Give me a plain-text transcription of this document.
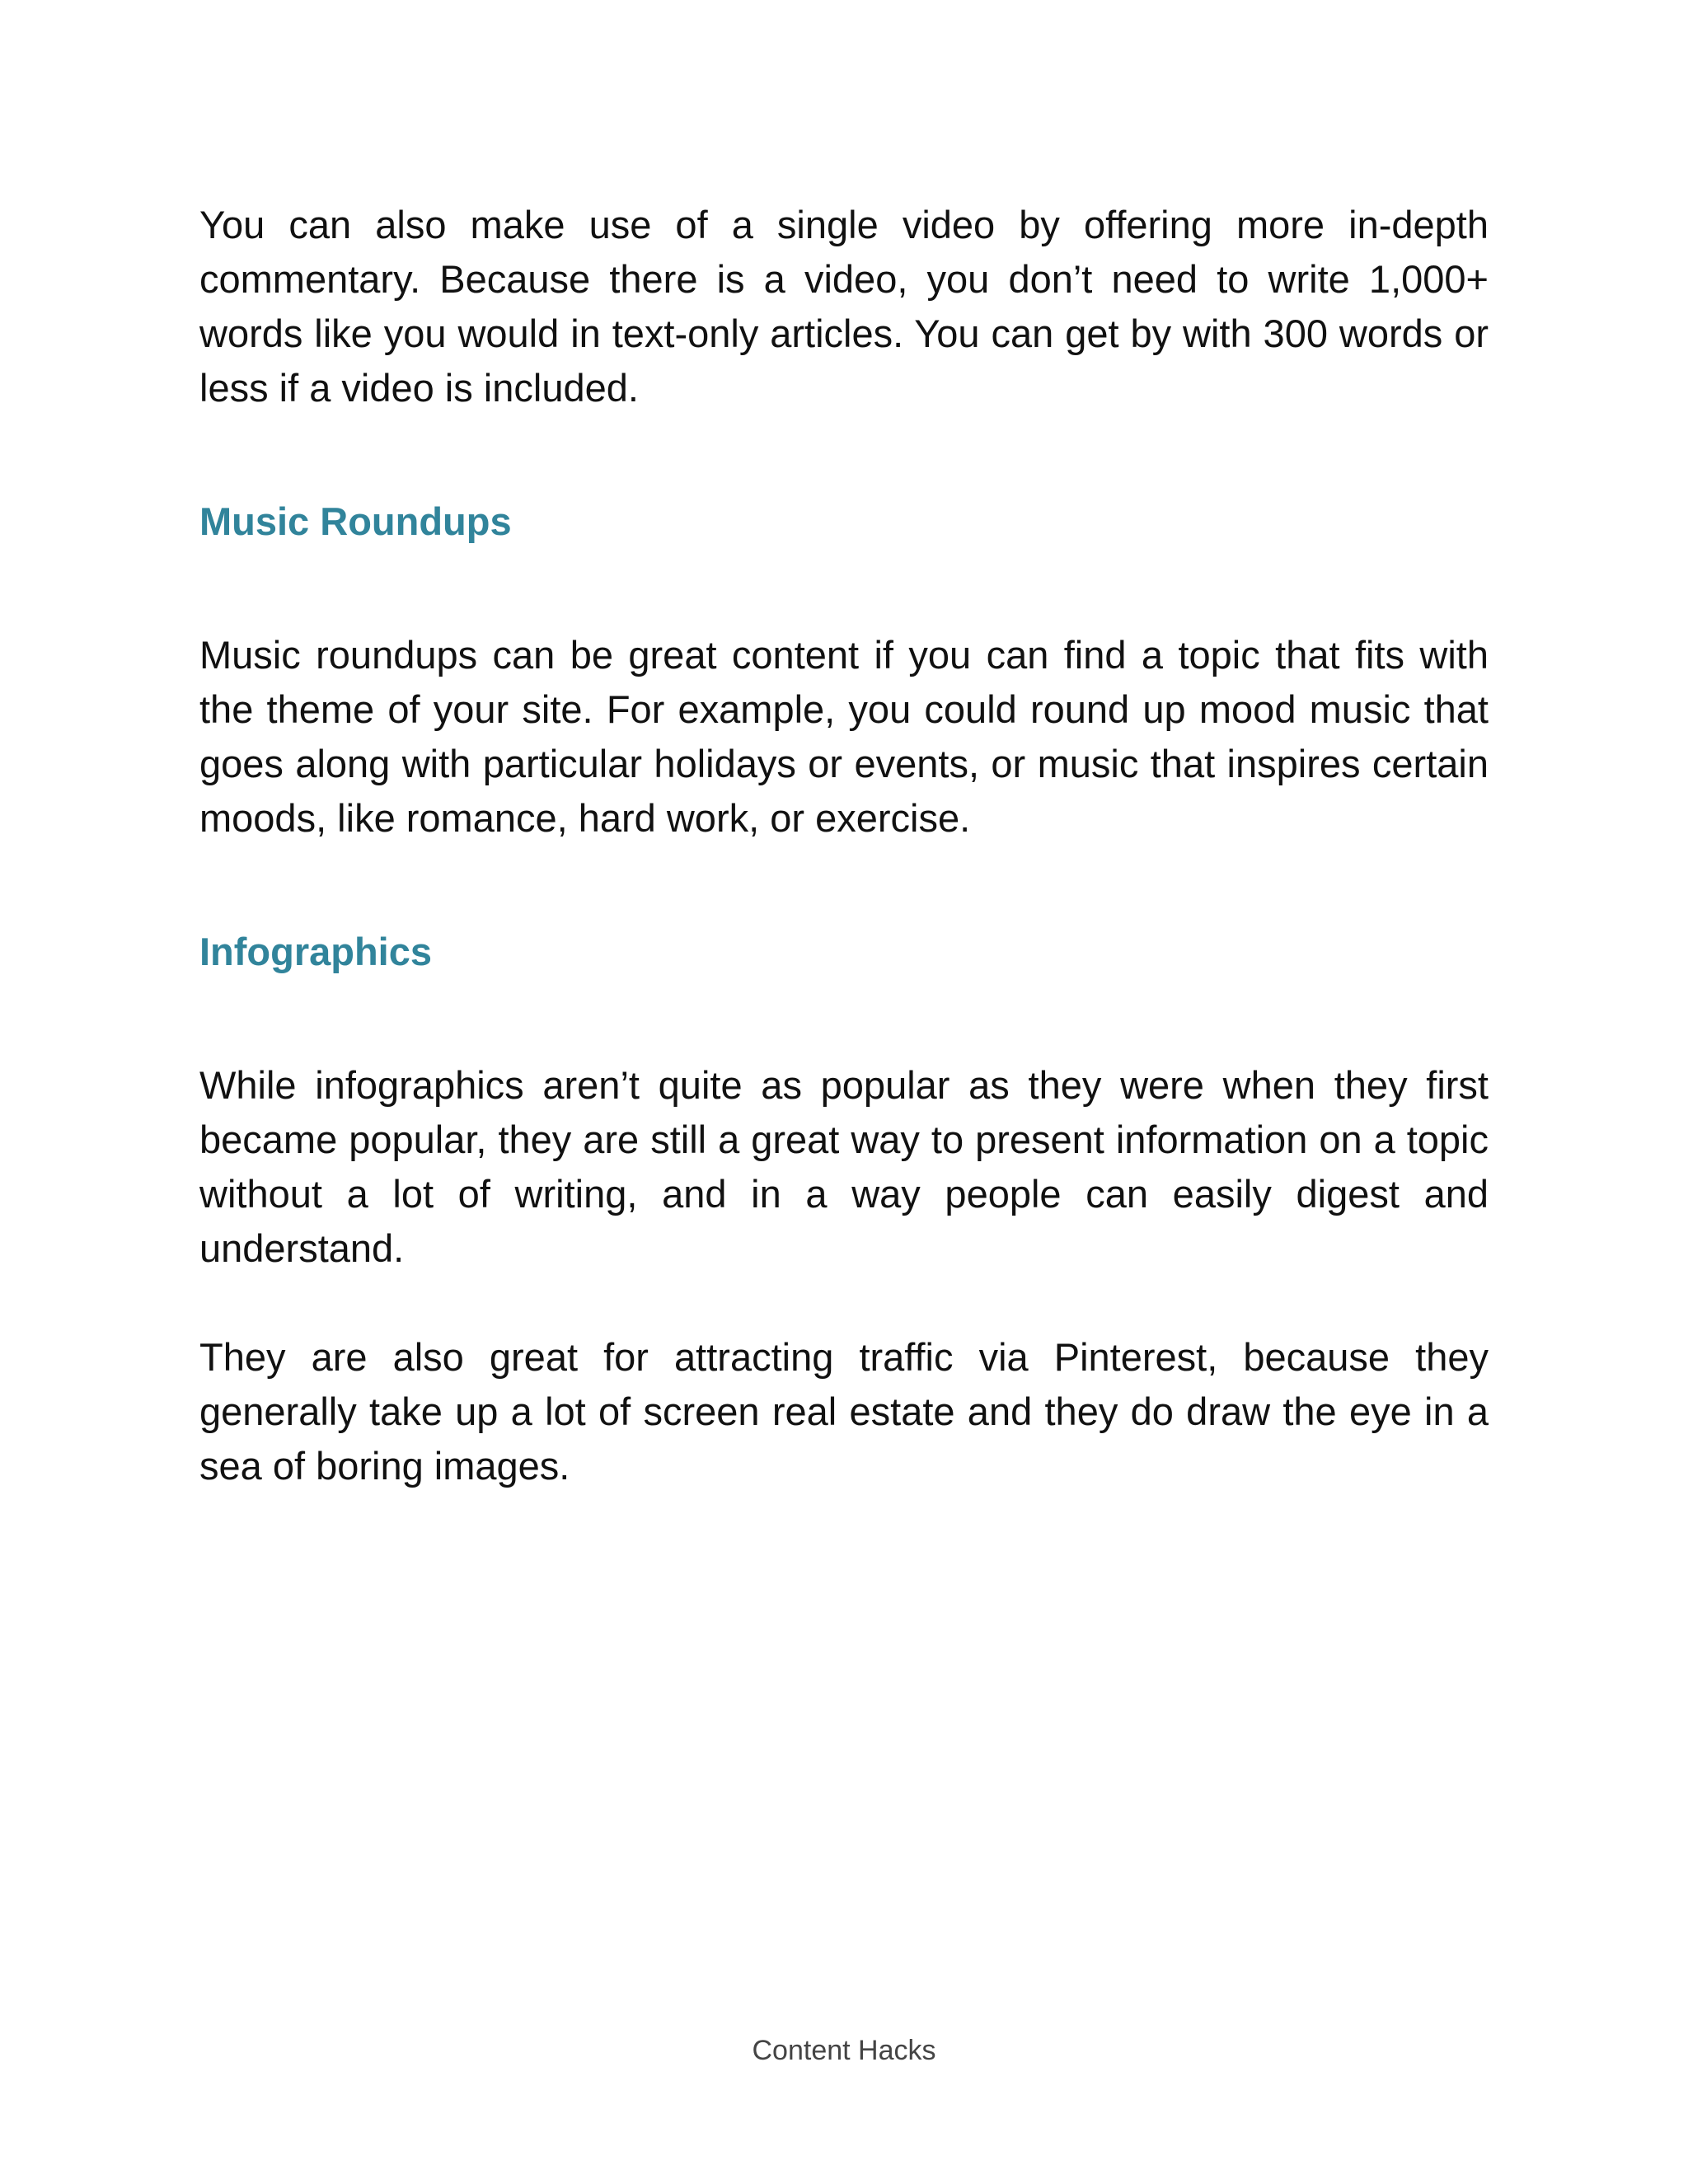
You can also make use of a single video by offering more in-depth commentary. Because there is a video, you don’t need to write 1,000+ words like you would in text-only articles. You can get by with 300 words or less if a video is included.

Music Roundups

Music roundups can be great content if you can find a topic that fits with the theme of your site. For example, you could round up mood music that goes along with particular holidays or events, or music that inspires certain moods, like romance, hard work, or exercise.

Infographics

While infographics aren’t quite as popular as they were when they first became popular, they are still a great way to present information on a topic without a lot of writing, and in a way people can easily digest and understand.

They are also great for attracting traffic via Pinterest, because they generally take up a lot of screen real estate and they do draw the eye in a sea of boring images.

Content Hacks
